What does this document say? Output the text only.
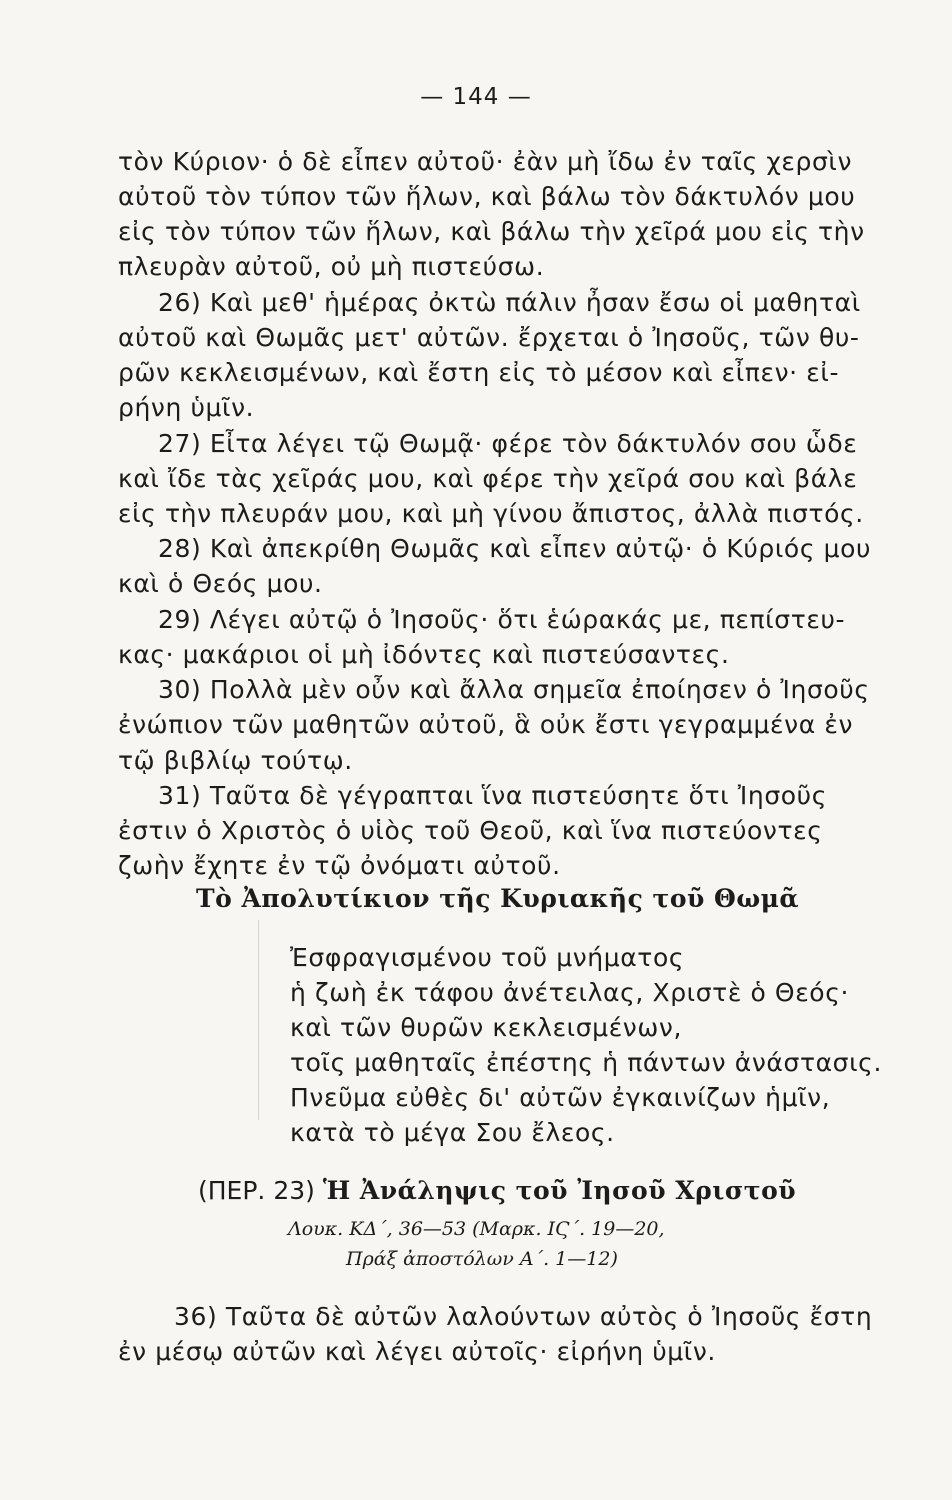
— 144 —
τὸν Κύριον· ὁ δὲ εἶπεν αὐτοῦ· ἐὰν μὴ ἴδω ἐν ταῖς χερσὶν
αὐτοῦ τὸν τύπον τῶν ἥλων, καὶ βάλω τὸν δάκτυλόν μου
εἰς τὸν τύπον τῶν ἥλων, καὶ βάλω τὴν χεῖρά μου εἰς τὴν
πλευρὰν αὐτοῦ, οὐ μὴ πιστεύσω.
26) Καὶ μεθ' ἡμέρας ὀκτὼ πάλιν ἦσαν ἔσω οἱ μαθηταὶ
αὐτοῦ καὶ Θωμᾶς μετ' αὐτῶν. ἔρχεται ὁ Ἰησοῦς, τῶν θυ-
ρῶν κεκλεισμένων, καὶ ἔστη εἰς τὸ μέσον καὶ εἶπεν· εἰ-
ρήνη ὑμῖν.
27) Εἶτα λέγει τῷ Θωμᾷ· φέρε τὸν δάκτυλόν σου ὧδε
καὶ ἴδε τὰς χεῖράς μου, καὶ φέρε τὴν χεῖρά σου καὶ βάλε
εἰς τὴν πλευράν μου, καὶ μὴ γίνου ἄπιστος, ἀλλὰ πιστός.
28) Καὶ ἀπεκρίθη Θωμᾶς καὶ εἶπεν αὐτῷ· ὁ Κύριός μου
καὶ ὁ Θεός μου.
29) Λέγει αὐτῷ ὁ Ἰησοῦς· ὅτι ἑώρακάς με, πεπίστευ-
κας· μακάριοι οἱ μὴ ἰδόντες καὶ πιστεύσαντες.
30) Πολλὰ μὲν οὖν καὶ ἄλλα σημεῖα ἐποίησεν ὁ Ἰησοῦς
ἐνώπιον τῶν μαθητῶν αὐτοῦ, ἃ οὐκ ἔστι γεγραμμένα ἐν
τῷ βιβλίῳ τούτῳ.
31) Ταῦτα δὲ γέγραπται ἵνα πιστεύσητε ὅτι Ἰησοῦς
ἐστιν ὁ Χριστὸς ὁ υἱὸς τοῦ Θεοῦ, καὶ ἵνα πιστεύοντες
ζωὴν ἔχητε ἐν τῷ ὀνόματι αὐτοῦ.
Τὸ Ἀπολυτίκιον τῆς Κυριακῆς τοῦ Θωμᾶ
Ἐσφραγισμένου τοῦ μνήματος
ἡ ζωὴ ἐκ τάφου ἀνέτειλας, Χριστὲ ὁ Θεός·
καὶ τῶν θυρῶν κεκλεισμένων,
τοῖς μαθηταῖς ἐπέστης ἡ πάντων ἀνάστασις.
Πνεῦμα εὐθὲς δι' αὐτῶν ἐγκαινίζων ἡμῖν,
κατὰ τὸ μέγα Σου ἔλεος.
(ΠΕΡ. 23) Ἡ Ἀνάληψις τοῦ Ἰησοῦ Χριστοῦ
Λουκ. ΚΔ΄, 36—53 (Μαρκ. ΙϚ΄. 19—20,
Πράξ ἀποστόλων Α΄. 1—12)
36) Ταῦτα δὲ αὐτῶν λαλούντων αὐτὸς ὁ Ἰησοῦς ἔστη
ἐν μέσῳ αὐτῶν καὶ λέγει αὐτοῖς· εἰρήνη ὑμῖν.
